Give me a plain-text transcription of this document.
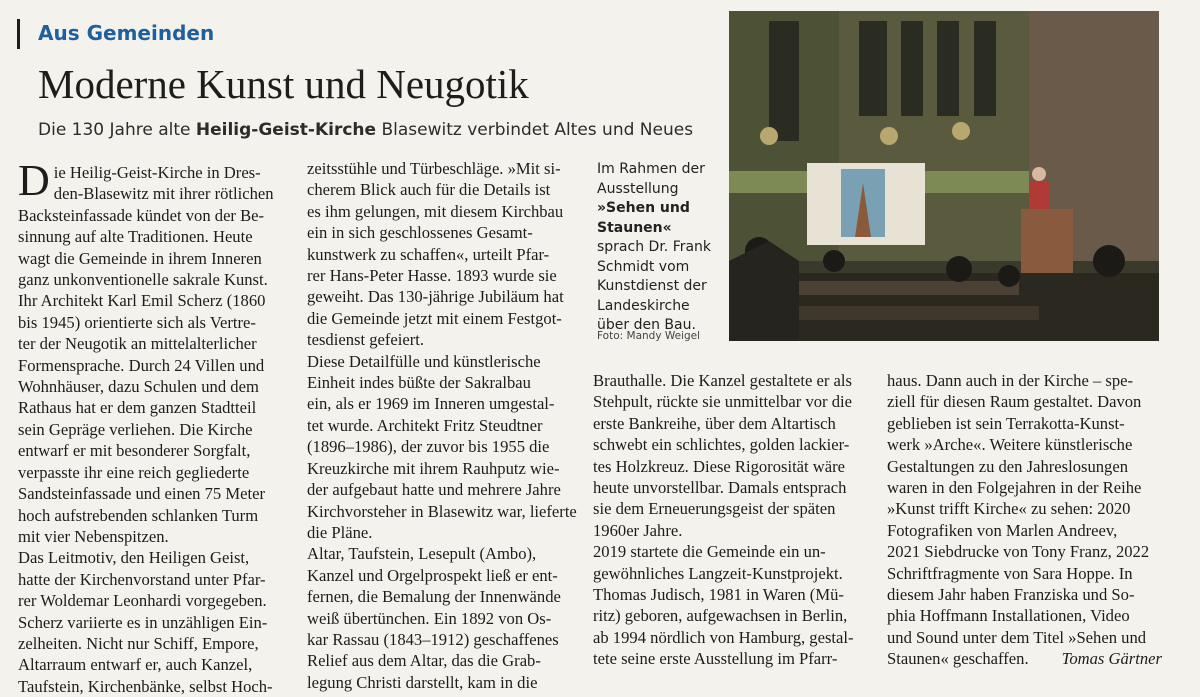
Aus Gemeinden
Moderne Kunst und Neugotik
Die 130 Jahre alte Heilig-Geist-Kirche Blasewitz verbindet Altes und Neues
D ie Heilig-Geist-Kirche in Dres-
den-Blasewitz mit ihrer rötlichen
Backsteinfassade kündet von der Be-
sinnung auf alte Traditionen. Heute
wagt die Gemeinde in ihrem Inneren
ganz unkonventionelle sakrale Kunst.
Ihr Architekt Karl Emil Scherz (1860
bis 1945) orientierte sich als Vertre-
ter der Neugotik an mittelalterlicher
Formensprache. Durch 24 Villen und
Wohnhäuser, dazu Schulen und dem
Rathaus hat er dem ganzen Stadtteil
sein Gepräge verliehen. Die Kirche
entwarf er mit besonderer Sorgfalt,
verpasste ihr eine reich gegliederte
Sandsteinfassade und einen 75 Meter
hoch aufstrebenden schlanken Turm
mit vier Nebenspitzen.
Das Leitmotiv, den Heiligen Geist,
hatte der Kirchenvorstand unter Pfar-
rer Woldemar Leonhardi vorgegeben.
Scherz variierte es in unzähligen Ein-
zelheiten. Nicht nur Schiff, Empore,
Altarraum entwarf er, auch Kanzel,
Taufstein, Kirchenbänke, selbst Hoch-
zeitsstühle und Türbeschläge. »Mit si-
cherem Blick auch für die Details ist
es ihm gelungen, mit diesem Kirchbau
ein in sich geschlossenes Gesamt-
kunstwerk zu schaffen«, urteilt Pfar-
rer Hans-Peter Hasse. 1893 wurde sie
geweiht. Das 130-jährige Jubiläum hat
die Gemeinde jetzt mit einem Festgot-
tesdienst gefeiert.
Diese Detailfülle und künstlerische
Einheit indes büßte der Sakralbau
ein, als er 1969 im Inneren umgestal-
tet wurde. Architekt Fritz Steudtner
(1896–1986), der zuvor bis 1955 die
Kreuzkirche mit ihrem Rauhputz wie-
der aufgebaut hatte und mehrere Jahre
Kirchvorsteher in Blasewitz war, lieferte
die Pläne.
Altar, Taufstein, Lesepult (Ambo),
Kanzel und Orgelprospekt ließ er ent-
fernen, die Bemalung der Innenwände
weiß übertünchen. Ein 1892 von Os-
kar Rassau (1843–1912) geschaffenes
Relief aus dem Altar, das die Grab-
legung Christi darstellt, kam in die
Im Rahmen der
Ausstellung
»Sehen und
Staunen«
sprach Dr. Frank
Schmidt vom
Kunstdienst der
Landeskirche
über den Bau.
Foto: Mandy Weigel
Brauthalle. Die Kanzel gestaltete er als
Stehpult, rückte sie unmittelbar vor die
erste Bankreihe, über dem Altartisch
schwebt ein schlichtes, golden lackier-
tes Holzkreuz. Diese Rigorosität wäre
heute unvorstellbar. Damals entsprach
sie dem Erneuerungsgeist der späten
1960er Jahre.
2019 startete die Gemeinde ein un-
gewöhnliches Langzeit-Kunstprojekt.
Thomas Judisch, 1981 in Waren (Mü-
ritz) geboren, aufgewachsen in Berlin,
ab 1994 nördlich von Hamburg, gestal-
tete seine erste Ausstellung im Pfarr-
haus. Dann auch in der Kirche – spe-
ziell für diesen Raum gestaltet. Davon
geblieben ist sein Terrakotta-Kunst-
werk »Arche«. Weitere künstlerische
Gestaltungen zu den Jahreslosungen
waren in den Folgejahren in der Reihe
»Kunst trifft Kirche« zu sehen: 2020
Fotografiken von Marlen Andreev,
2021 Siebdrucke von Tony Franz, 2022
Schriftfragmente von Sara Hoppe. In
diesem Jahr haben Franziska und So-
phia Hoffmann Installationen, Video
und Sound unter dem Titel »Sehen und
Staunen« geschaffen. Tomas Gärtner
